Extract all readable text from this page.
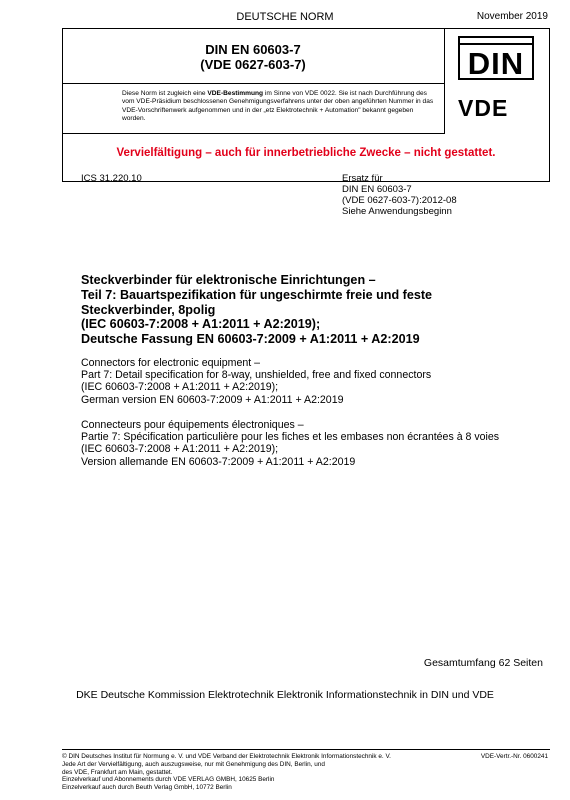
DEUTSCHE NORM	November 2019
DIN EN 60603-7
(VDE 0627-603-7)
Diese Norm ist zugleich eine VDE-Bestimmung im Sinne von VDE 0022. Sie ist nach Durchführung des vom VDE-Präsidium beschlossenen Genehmigungsverfahrens unter der oben angeführten Nummer in das VDE-Vorschriftenwerk aufgenommen und in der „etz Elektrotechnik + Automation" bekannt gegeben worden.
DIN
VDE
Vervielfältigung – auch für innerbetriebliche Zwecke – nicht gestattet.
ICS 31.220.10	Ersatz für
DIN EN 60603-7
(VDE 0627-603-7):2012-08
Siehe Anwendungsbeginn
Steckverbinder für elektronische Einrichtungen –
Teil 7: Bauartspezifikation für ungeschirmte freie und feste
Steckverbinder, 8polig
(IEC 60603-7:2008 + A1:2011 + A2:2019);
Deutsche Fassung EN 60603-7:2009 + A1:2011 + A2:2019
Connectors for electronic equipment –
Part 7: Detail specification for 8-way, unshielded, free and fixed connectors
(IEC 60603-7:2008 + A1:2011 + A2:2019);
German version EN 60603-7:2009 + A1:2011 + A2:2019
Connecteurs pour équipements électroniques –
Partie 7: Spécification particulière pour les fiches et les embases non écrantées à 8 voies
(IEC 60603-7:2008 + A1:2011 + A2:2019);
Version allemande EN 60603-7:2009 + A1:2011 + A2:2019
Gesamtumfang 62 Seiten
DKE Deutsche Kommission Elektrotechnik Elektronik Informationstechnik in DIN und VDE
© DIN Deutsches Institut für Normung e. V. und VDE Verband der Elektrotechnik Elektronik Informationstechnik e. V.
Jede Art der Vervielfältigung, auch auszugsweise, nur mit Genehmigung des DIN, Berlin, und
des VDE, Frankfurt am Main, gestattet.
Einzelverkauf und Abonnements durch VDE VERLAG GMBH, 10625 Berlin
Einzelverkauf auch durch Beuth Verlag GmbH, 10772 Berlin
VDE-Vertr.-Nr. 0600241
